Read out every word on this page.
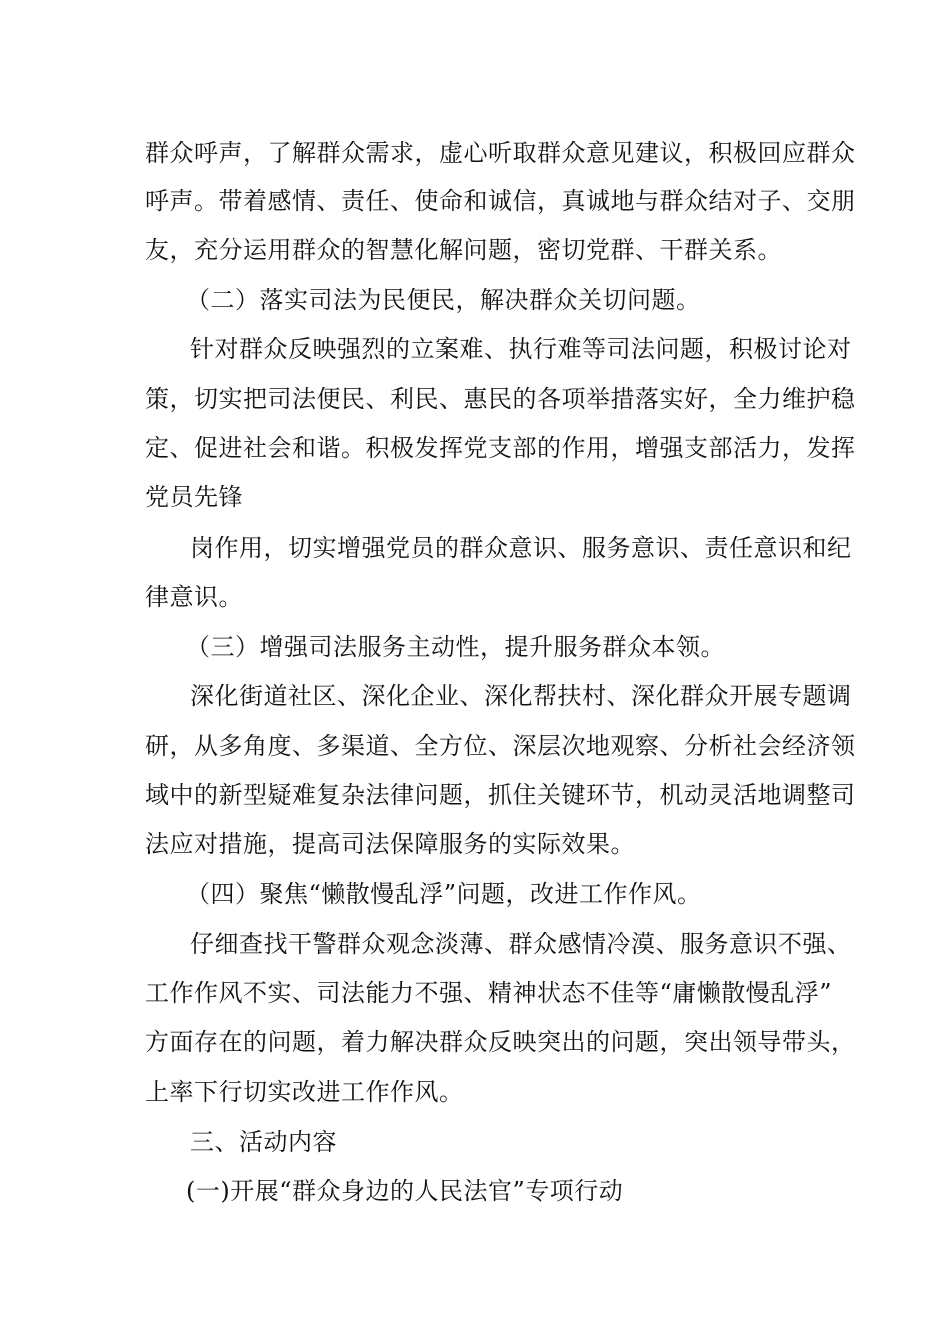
群众呼声，了解群众需求，虚心听取群众意见建议，积极回应群众
呼声。带着感情、责任、使命和诚信，真诚地与群众结对子、交朋
友，充分运用群众的智慧化解问题，密切党群、干群关系。
（二）落实司法为民便民，解决群众关切问题。
针对群众反映强烈的立案难、执行难等司法问题，积极讨论对
策，切实把司法便民、利民、惠民的各项举措落实好，全力维护稳
定、促进社会和谐。积极发挥党支部的作用，增强支部活力，发挥
党员先锋
岗作用，切实增强党员的群众意识、服务意识、责任意识和纪
律意识。
（三）增强司法服务主动性，提升服务群众本领。
深化街道社区、深化企业、深化帮扶村、深化群众开展专题调
研，从多角度、多渠道、全方位、深层次地观察、分析社会经济领
域中的新型疑难复杂法律问题，抓住关键环节，机动灵活地调整司
法应对措施，提高司法保障服务的实际效果。
（四）聚焦“懒散慢乱浮”问题，改进工作作风。
仔细查找干警群众观念淡薄、群众感情冷漠、服务意识不强、
工作作风不实、司法能力不强、精神状态不佳等“庸懒散慢乱浮”
方面存在的问题，着力解决群众反映突出的问题，突出领导带头，
上率下行切实改进工作作风。
三、活动内容
(一)开展“群众身边的人民法官”专项行动
